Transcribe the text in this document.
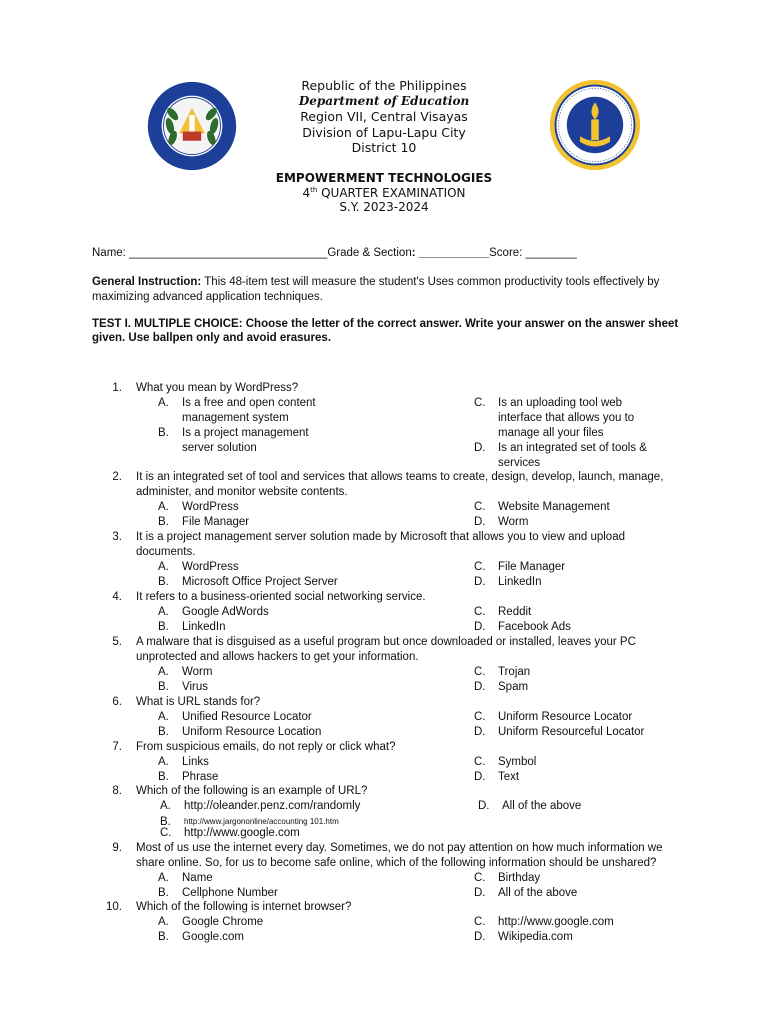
Republic of the Philippines
Department of Education
Region VII, Central Visayas
Division of Lapu-Lapu City
District 10
EMPOWERMENT TECHNOLOGIES
4th QUARTER EXAMINATION
S.Y. 2023-2024
Name: _______________________________Grade & Section: ___________Score: ________
General Instruction: This 48-item test will measure the student's Uses common productivity tools effectively by maximizing advanced application techniques.
TEST I. MULTIPLE CHOICE: Choose the letter of the correct answer. Write your answer on the answer sheet given. Use ballpen only and avoid erasures.
1. What you mean by WordPress?
A. Is a free and open content management system
B. Is a project management server solution
C. Is an uploading tool web interface that allows you to manage all your files
D. Is an integrated set of tools & services
2. It is an integrated set of tool and services that allows teams to create, design, develop, launch, manage, administer, and monitor website contents.
A. WordPress
B. File Manager
C. Website Management
D. Worm
3. It is a project management server solution made by Microsoft that allows you to view and upload documents.
A. WordPress
B. Microsoft Office Project Server
C. File Manager
D. LinkedIn
4. It refers to a business-oriented social networking service.
A. Google AdWords
B. LinkedIn
C. Reddit
D. Facebook Ads
5. A malware that is disguised as a useful program but once downloaded or installed, leaves your PC unprotected and allows hackers to get your information.
A. Worm
B. Virus
C. Trojan
D. Spam
6. What is URL stands for?
A. Unified Resource Locator
B. Uniform Resource Location
C. Uniform Resource Locator
D. Uniform Resourceful Locator
7. From suspicious emails, do not reply or click what?
A. Links
B. Phrase
C. Symbol
D. Text
8. Which of the following is an example of URL?
A. http://oleander.penz.com/randomly
B. http://www.jargononline/accounting 101.htm
C. http://www.google.com
D. All of the above
9. Most of us use the internet every day. Sometimes, we do not pay attention on how much information we share online. So, for us to become safe online, which of the following information should be unshared?
A. Name
B. Cellphone Number
C. Birthday
D. All of the above
10. Which of the following is internet browser?
A. Google Chrome
B. Google.com
C. http://www.google.com
D. Wikipedia.com
